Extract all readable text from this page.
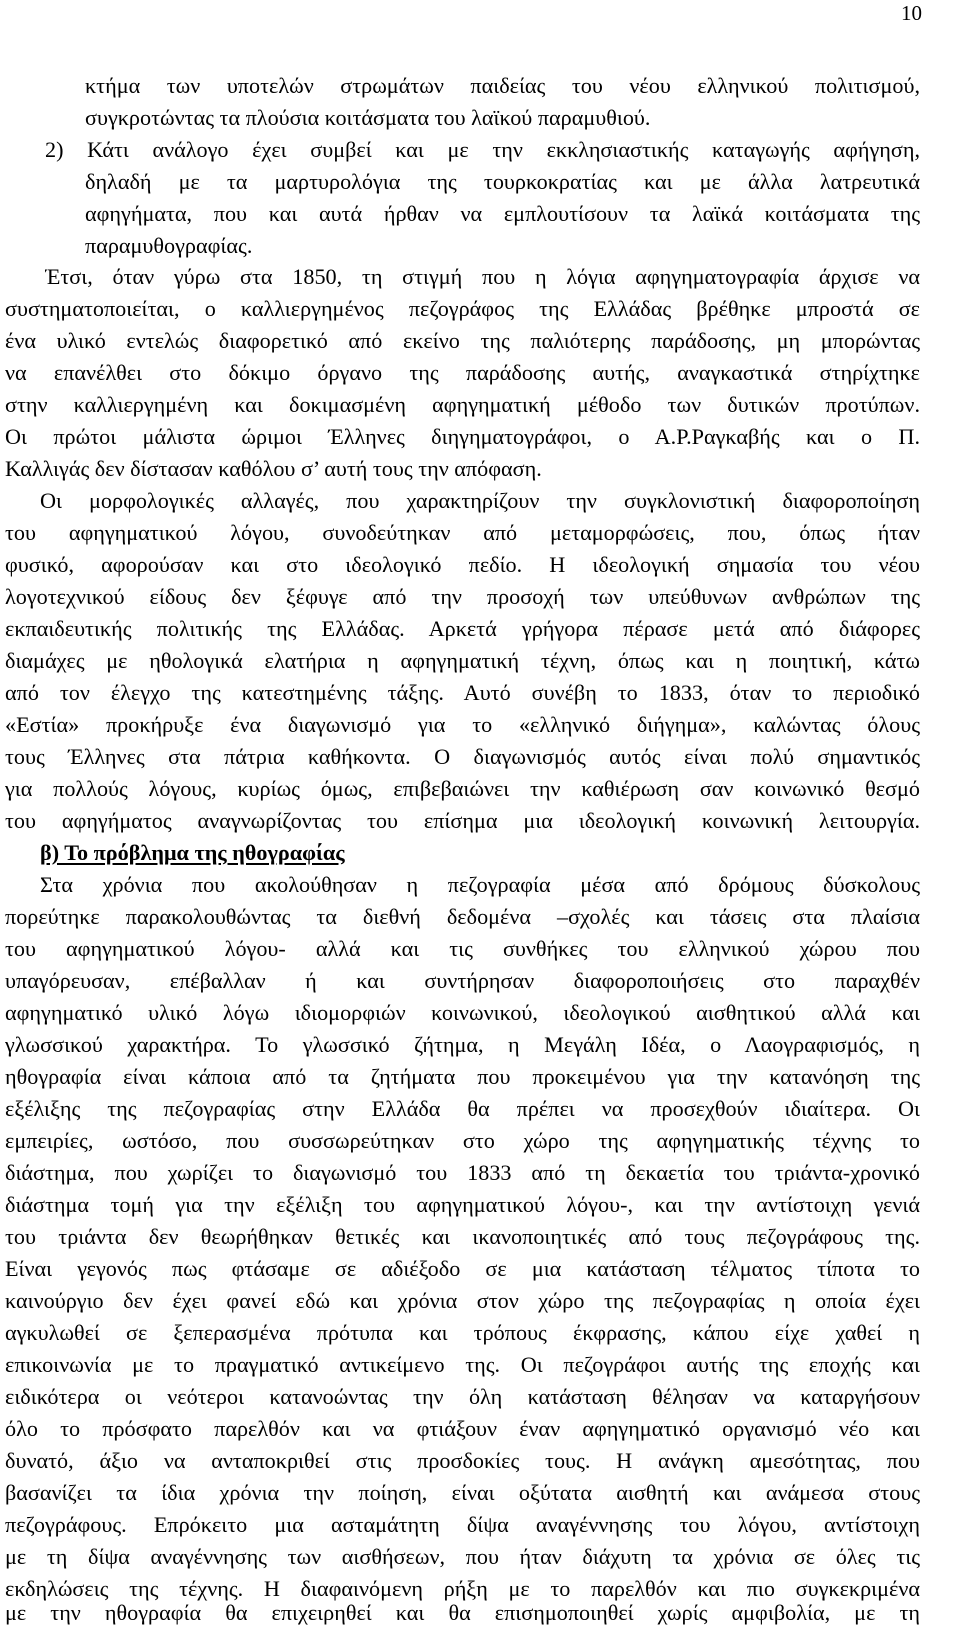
10
κτήμα των υποτελών στρωμάτων παιδείας του νέου ελληνικού πολιτισμού,
συγκροτώντας τα πλούσια κοιτάσματα του λαϊκού παραμυθιού.
2) Κάτι ανάλογο έχει συμβεί και με την εκκλησιαστικής καταγωγής αφήγηση,
δηλαδή με τα μαρτυρολόγια της τουρκοκρατίας και με άλλα λατρευτικά
αφηγήματα, που και αυτά ήρθαν να εμπλουτίσουν τα λαϊκά κοιτάσματα της
παραμυθογραφίας.
Έτσι, όταν γύρω στα 1850, τη στιγμή που η λόγια αφηγηματογραφία άρχισε να
συστηματοποιείται, ο καλλιεργημένος πεζογράφος της Ελλάδας βρέθηκε μπροστά σε
ένα υλικό εντελώς διαφορετικό από εκείνο της παλιότερης παράδοσης, μη μπορώντας
να επανέλθει στο δόκιμο όργανο της παράδοσης αυτής, αναγκαστικά στηρίχτηκε
στην καλλιεργημένη και δοκιμασμένη αφηγηματική μέθοδο των δυτικών προτύπων.
Οι πρώτοι μάλιστα ώριμοι Έλληνες διηγηματογράφοι, ο Α.Ρ.Ραγκαβής και ο Π.
Καλλιγάς δεν δίστασαν καθόλου σ’ αυτή τους την απόφαση.
Οι μορφολογικές αλλαγές, που χαρακτηρίζουν την συγκλονιστική διαφοροποίηση
του αφηγηματικού λόγου, συνοδεύτηκαν από μεταμορφώσεις, που, όπως ήταν
φυσικό, αφορούσαν και στο ιδεολογικό πεδίο. Η ιδεολογική σημασία του νέου
λογοτεχνικού είδους δεν ξέφυγε από την προσοχή των υπεύθυνων ανθρώπων της
εκπαιδευτικής πολιτικής της Ελλάδας. Αρκετά γρήγορα πέρασε μετά από διάφορες
διαμάχες με ηθολογικά ελατήρια η αφηγηματική τέχνη, όπως και η ποιητική, κάτω
από τον έλεγχο της κατεστημένης τάξης. Αυτό συνέβη το 1833, όταν το περιοδικό
«Εστία» προκήρυξε ένα διαγωνισμό για το «ελληνικό διήγημα», καλώντας όλους
τους Έλληνες στα πάτρια καθήκοντα. Ο διαγωνισμός αυτός είναι πολύ σημαντικός
για πολλούς λόγους, κυρίως όμως, επιβεβαιώνει την καθιέρωση σαν κοινωνικό θεσμό
του αφηγήματος αναγνωρίζοντας του επίσημα μια ιδεολογική κοινωνική λειτουργία.
β) Το πρόβλημα της ηθογραφίας
Στα χρόνια που ακολούθησαν η πεζογραφία μέσα από δρόμους δύσκολους
πορεύτηκε παρακολουθώντας τα διεθνή δεδομένα –σχολές και τάσεις στα πλαίσια
του αφηγηματικού λόγου- αλλά και τις συνθήκες του ελληνικού χώρου που
υπαγόρευσαν, επέβαλλαν ή και συντήρησαν διαφοροποιήσεις στο παραχθέν
αφηγηματικό υλικό λόγω ιδιομορφιών κοινωνικού, ιδεολογικού αισθητικού αλλά και
γλωσσικού χαρακτήρα. Το γλωσσικό ζήτημα, η Μεγάλη Ιδέα, ο Λαογραφισμός, η
ηθογραφία είναι κάποια από τα ζητήματα που προκειμένου για την κατανόηση της
εξέλιξης της πεζογραφίας στην Ελλάδα θα πρέπει να προσεχθούν ιδιαίτερα. Οι
εμπειρίες, ωστόσο, που συσσωρεύτηκαν στο χώρο της αφηγηματικής τέχνης το
διάστημα, που χωρίζει το διαγωνισμό του 1833 από τη δεκαετία του τριάντα-χρονικό
διάστημα τομή για την εξέλιξη του αφηγηματικού λόγου-, και την αντίστοιχη γενιά
του τριάντα δεν θεωρήθηκαν θετικές και ικανοποιητικές από τους πεζογράφους της.
Είναι γεγονός πως φτάσαμε σε αδιέξοδο σε μια κατάσταση τέλματος τίποτα το
καινούργιο δεν έχει φανεί εδώ και χρόνια στον χώρο της πεζογραφίας η οποία έχει
αγκυλωθεί σε ξεπερασμένα πρότυπα και τρόπους έκφρασης, κάπου είχε χαθεί η
επικοινωνία με το πραγματικό αντικείμενο της. Οι πεζογράφοι αυτής της εποχής και
ειδικότερα οι νεότεροι κατανοώντας την όλη κατάσταση θέλησαν να καταργήσουν
όλο το πρόσφατο παρελθόν και να φτιάξουν έναν αφηγηματικό οργανισμό νέο και
δυνατό, άξιο να ανταποκριθεί στις προσδοκίες τους. Η ανάγκη αμεσότητας, που
βασανίζει τα ίδια χρόνια την ποίηση, είναι οξύτατα αισθητή και ανάμεσα στους
πεζογράφους. Επρόκειτο μια ασταμάτητη δίψα αναγέννησης του λόγου, αντίστοιχη
με τη δίψα αναγέννησης των αισθήσεων, που ήταν διάχυτη τα χρόνια σε όλες τις
εκδηλώσεις της τέχνης. Η διαφαινόμενη ρήξη με το παρελθόν και πιο συγκεκριμένα
με την ηθογραφία θα επιχειρηθεί και θα επισημοποιηθεί χωρίς αμφιβολία, με τη
